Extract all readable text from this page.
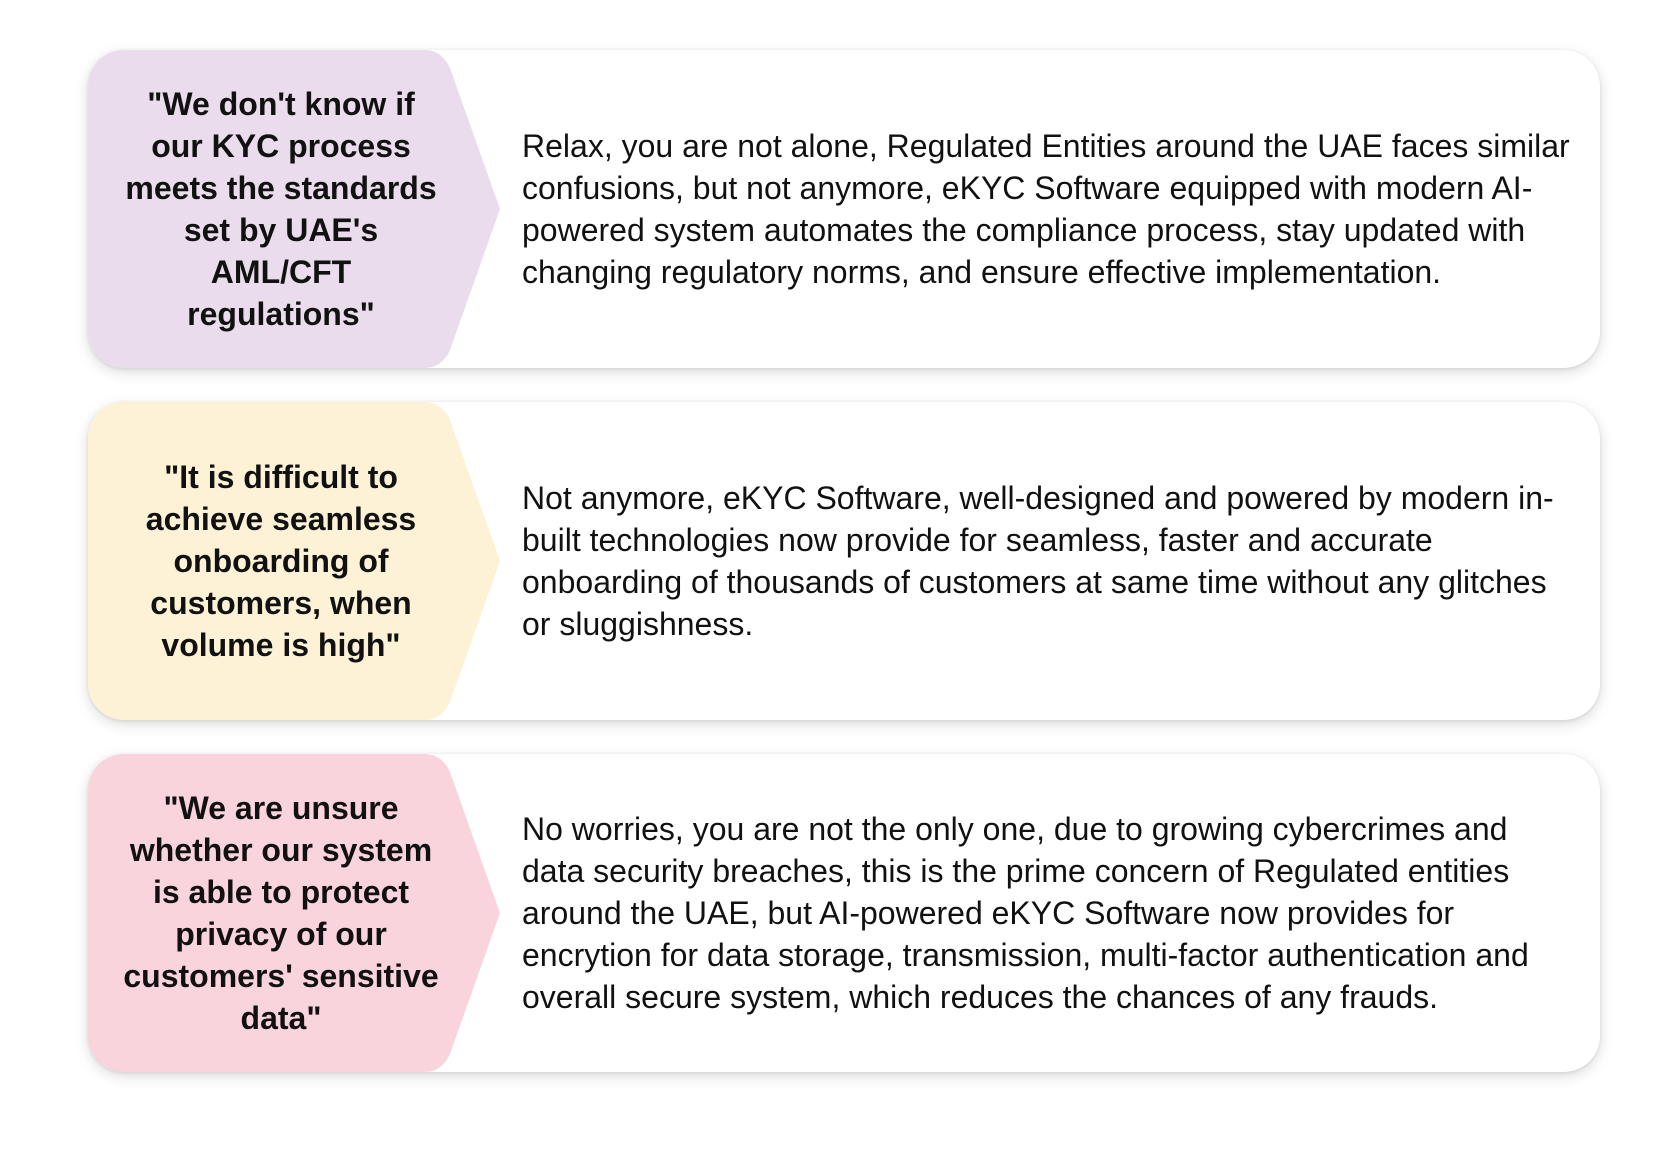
"We don't know if our KYC process meets the standards set by UAE's AML/CFT regulations"
Relax, you are not alone, Regulated Entities around the UAE faces similar confusions, but not anymore, eKYC Software equipped with modern AI-powered system automates the compliance process, stay updated with changing regulatory norms, and ensure effective implementation.
"It is difficult to achieve seamless onboarding of customers, when volume is high"
Not anymore, eKYC Software, well-designed and powered by modern in-built technologies now provide for seamless, faster and accurate onboarding of thousands of customers at same time without any glitches or sluggishness.
"We are unsure whether our system is able to protect privacy of our customers' sensitive data"
No worries, you are not the only one, due to growing cybercrimes and data security breaches, this is the prime concern of Regulated entities around the UAE, but AI-powered eKYC Software now provides for encrytion for data storage, transmission, multi-factor authentication and overall secure system, which reduces the chances of any frauds.
